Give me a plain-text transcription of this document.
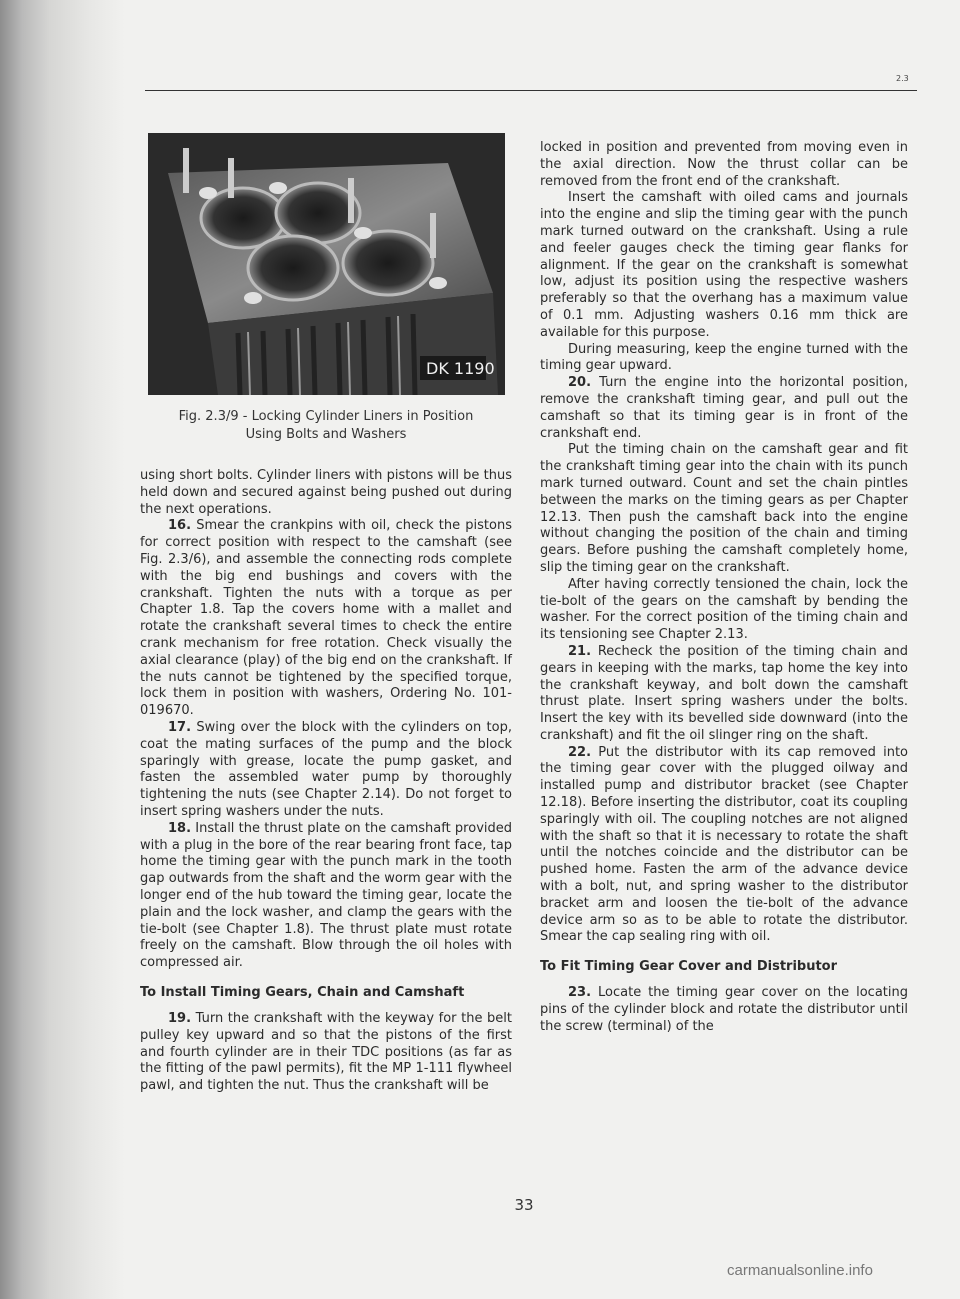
2.3
DK 1190
Fig. 2.3/9 - Locking Cylinder Liners in Position
Using Bolts and Washers

using short bolts. Cylinder liners with pistons will be thus held down and secured against being pushed out during the next operations.

16. Smear the crankpins with oil, check the pistons for correct position with respect to the camshaft (see Fig. 2.3/6), and assemble the connecting rods complete with the big end bushings and covers with the crankshaft. Tighten the nuts with a torque as per Chapter 1.8. Tap the covers home with a mallet and rotate the crankshaft several times to check the entire crank mechanism for free rotation. Check visually the axial clearance (play) of the big end on the crankshaft. If the nuts cannot be tightened by the specified torque, lock them in position with washers, Ordering No. 101-019670.

17. Swing over the block with the cylinders on top, coat the mating surfaces of the pump and the block sparingly with grease, locate the pump gasket, and fasten the assembled water pump by thoroughly tightening the nuts (see Chapter 2.14). Do not forget to insert spring washers under the nuts.

18. Install the thrust plate on the camshaft provided with a plug in the bore of the rear bearing front face, tap home the timing gear with the punch mark in the tooth gap outwards from the shaft and the worm gear with the longer end of the hub toward the timing gear, locate the plain and the lock washer, and clamp the gears with the tie-bolt (see Chapter 1.8). The thrust plate must rotate freely on the camshaft. Blow through the oil holes with compressed air.

To Install Timing Gears, Chain and Camshaft

19. Turn the crankshaft with the keyway for the belt pulley key upward and so that the pistons of the first and fourth cylinder are in their TDC positions (as far as the fitting of the pawl permits), fit the MP 1-111 flywheel pawl, and tighten the nut. Thus the crankshaft will be

locked in position and prevented from moving even in the axial direction. Now the thrust collar can be removed from the front end of the crankshaft.

Insert the camshaft with oiled cams and journals into the engine and slip the timing gear with the punch mark turned outward on the crankshaft. Using a rule and feeler gauges check the timing gear flanks for alignment. If the gear on the crankshaft is somewhat low, adjust its position using the respective washers preferably so that the overhang has a maximum value of 0.1 mm. Adjusting washers 0.16 mm thick are available for this purpose.

During measuring, keep the engine turned with the timing gear upward.

20. Turn the engine into the horizontal position, remove the crankshaft timing gear, and pull out the camshaft so that its timing gear is in front of the crankshaft end.

Put the timing chain on the camshaft gear and fit the crankshaft timing gear into the chain with its punch mark turned outward. Count and set the chain pintles between the marks on the timing gears as per Chapter 12.13. Then push the camshaft back into the engine without changing the position of the chain and timing gears. Before pushing the camshaft completely home, slip the timing gear on the crankshaft.

After having correctly tensioned the chain, lock the tie-bolt of the gears on the camshaft by bending the washer. For the correct position of the timing chain and its tensioning see Chapter 2.13.

21. Recheck the position of the timing chain and gears in keeping with the marks, tap home the key into the crankshaft keyway, and bolt down the camshaft thrust plate. Insert spring washers under the bolts. Insert the key with its bevelled side downward (into the crankshaft) and fit the oil slinger ring on the shaft.

22. Put the distributor with its cap removed into the timing gear cover with the plugged oilway and installed pump and distributor bracket (see Chapter 12.18). Before inserting the distributor, coat its coupling sparingly with oil. The coupling notches are not aligned with the shaft so that it is necessary to rotate the shaft until the notches coincide and the distributor can be pushed home. Fasten the arm of the advance device with a bolt, nut, and spring washer to the distributor bracket arm and loosen the tie-bolt of the advance device arm so as to be able to rotate the distributor. Smear the cap sealing ring with oil.

To Fit Timing Gear Cover and Distributor

23. Locate the timing gear cover on the locating pins of the cylinder block and rotate the distributor until the screw (terminal) of the

33
carmanualsonline.info
